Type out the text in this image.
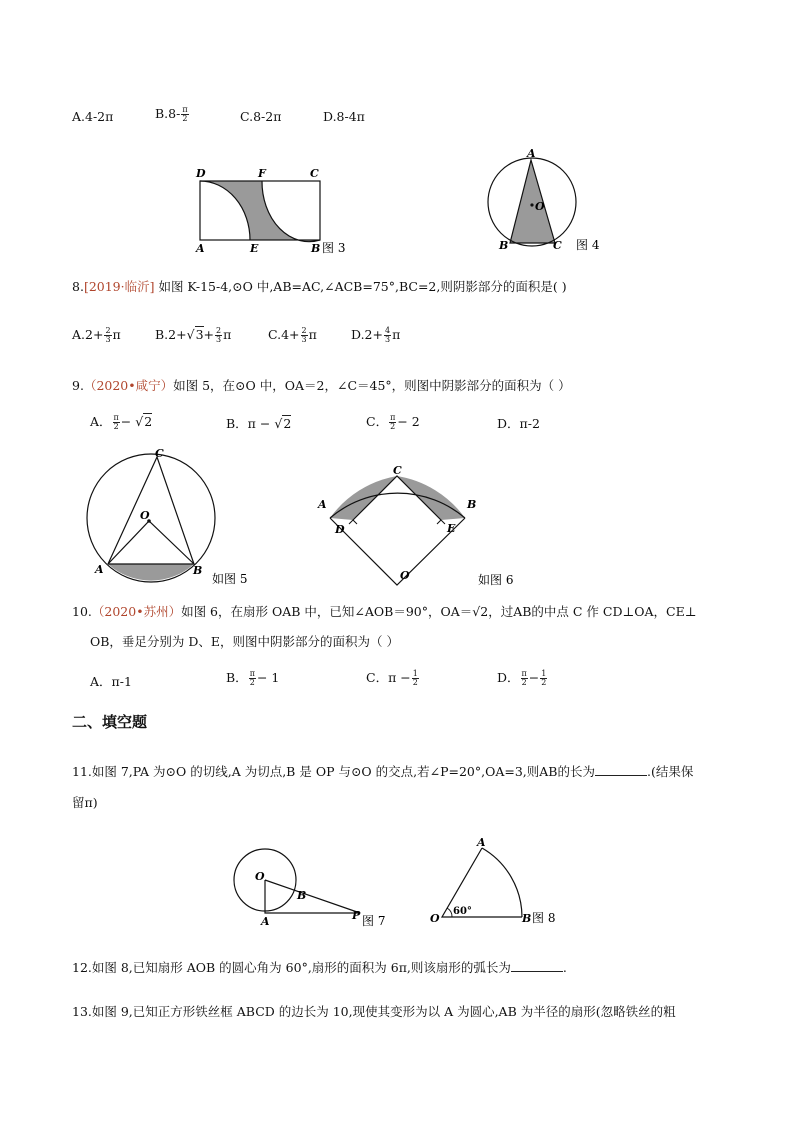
A.4-2π	$B.8- \frac{\pi}{2}$	C.8-2π	D.8-4π
D	F	C
A	E	B 图 3
A
O
B	C 图 4
8.[2019·临沂] 如图 K-15-4,⊙O 中,AB=AC,∠ACB=75°,BC=2,则阴影部分的面积是( )
$A.2+ \frac{2}{3}$ π	$B.2+√3+ \frac{2}{3}$ π	$C.4+ \frac{2}{3}$ π	$D.2+ \frac{4}{3}$ π
9.（2020•咸宁）如图 5，在⊙O 中，OA＝2，∠C＝45°，则图中阴影部分的面积为（ ）
A． $\frac{\pi}{2} - √2$	B．π − √2	C． $\frac{\pi}{2} - 2$	D．π-2
C
O
A	B
如图 5
C
A	B
D	E
O	如图 6
10.（2020•苏州）如图 6，在扇形 OAB 中，已知∠AOB＝90°，OA＝√2，过AB的中点 C 作 CD⊥OA，CE⊥
OB，垂足分别为 D、E，则图中阴影部分的面积为（ ）
A．π-1	B． $\frac{\pi}{2} - 1$	C．$\pi - \frac{1}{2}$	D． $\frac{\pi}{2} - \frac{1}{2}$
二、填空题
11.如图 7,PA 为⊙O 的切线,A 为切点,B 是 OP 与⊙O 的交点,若∠P=20°,OA=3,则AB的长为	.(结果保
留π)
O
B
A	P 图 7
A
O
60°
B 图 8
12.如图 8,已知扇形 AOB 的圆心角为 60°,扇形的面积为 6π,则该扇形的弧长为	.
13.如图 9,已知正方形铁丝框 ABCD 的边长为 10,现使其变形为以 A 为圆心,AB 为半径的扇形(忽略铁丝的粗
